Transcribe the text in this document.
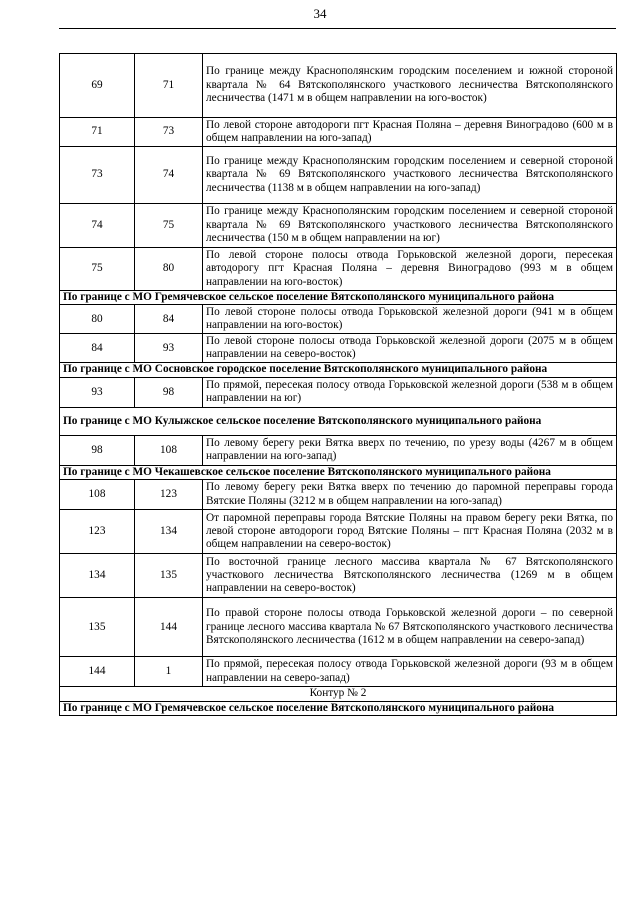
34
69	71	По границе между Краснополянским городским поселением и южной стороной квартала № 64 Вятскополянского участкового лесничества Вятскополянского лесничества (1471 м в общем направлении на юго-восток)
71	73	По левой стороне автодороги пгт Красная Поляна – деревня Виноградово (600 м в общем направлении на юго-запад)
73	74	По границе между Краснополянским городским поселением и северной стороной квартала № 69 Вятскополянского участкового лесничества Вятскополянского лесничества (1138 м в общем направлении на юго-запад)
74	75	По границе между Краснополянским городским поселением и северной стороной квартала № 69 Вятскополянского участкового лесничества Вятскополянского лесничества (150 м в общем направлении на юг)
75	80	По левой стороне полосы отвода Горьковской железной дороги, пересекая автодорогу пгт Красная Поляна – деревня Виноградово (993 м в общем направлении на юго-восток)
По границе с МО Гремячевское сельское поселение Вятскополянского муниципального района		
80	84	По левой стороне полосы отвода Горьковской железной дороги (941 м в общем направлении на юго-восток)
84	93	По левой стороне полосы отвода Горьковской железной дороги (2075 м в общем направлении на северо-восток)
По границе с МО Сосновское городское поселение Вятскополянского муниципального района		
93	98	По прямой, пересекая полосу отвода Горьковской железной дороги (538 м в общем направлении на юг)
По границе с МО Кулыжское сельское поселение Вятскополянского муниципального района		
98	108	По левому берегу реки Вятка вверх по течению, по урезу воды (4267 м в общем направлении на юго-запад)
По границе с МО Чекашевское сельское поселение Вятскополянского муниципального района		
108	123	По левому берегу реки Вятка вверх по течению до паромной переправы города Вятские Поляны (3212 м в общем направлении на юго-запад)
123	134	От паромной переправы города Вятские Поляны на правом берегу реки Вятка, по левой стороне автодороги город Вятские Поляны – пгт Красная Поляна (2032 м в общем направлении на северо-восток)
134	135	По восточной границе лесного массива квартала № 67 Вятскополянского участкового лесничества Вятскополянского лесничества (1269 м в общем направлении на северо-восток)
135	144	По правой стороне полосы отвода Горьковской железной дороги – по северной границе лесного массива квартала № 67 Вятскополянского участкового лесничества Вятскополянского лесничества (1612 м в общем направлении на северо-запад)
144	1	По прямой, пересекая полосу отвода Горьковской железной дороги (93 м в общем направлении на северо-запад)
Контур № 2		
По границе с МО Гремячевское сельское поселение Вятскополянского муниципального района		
